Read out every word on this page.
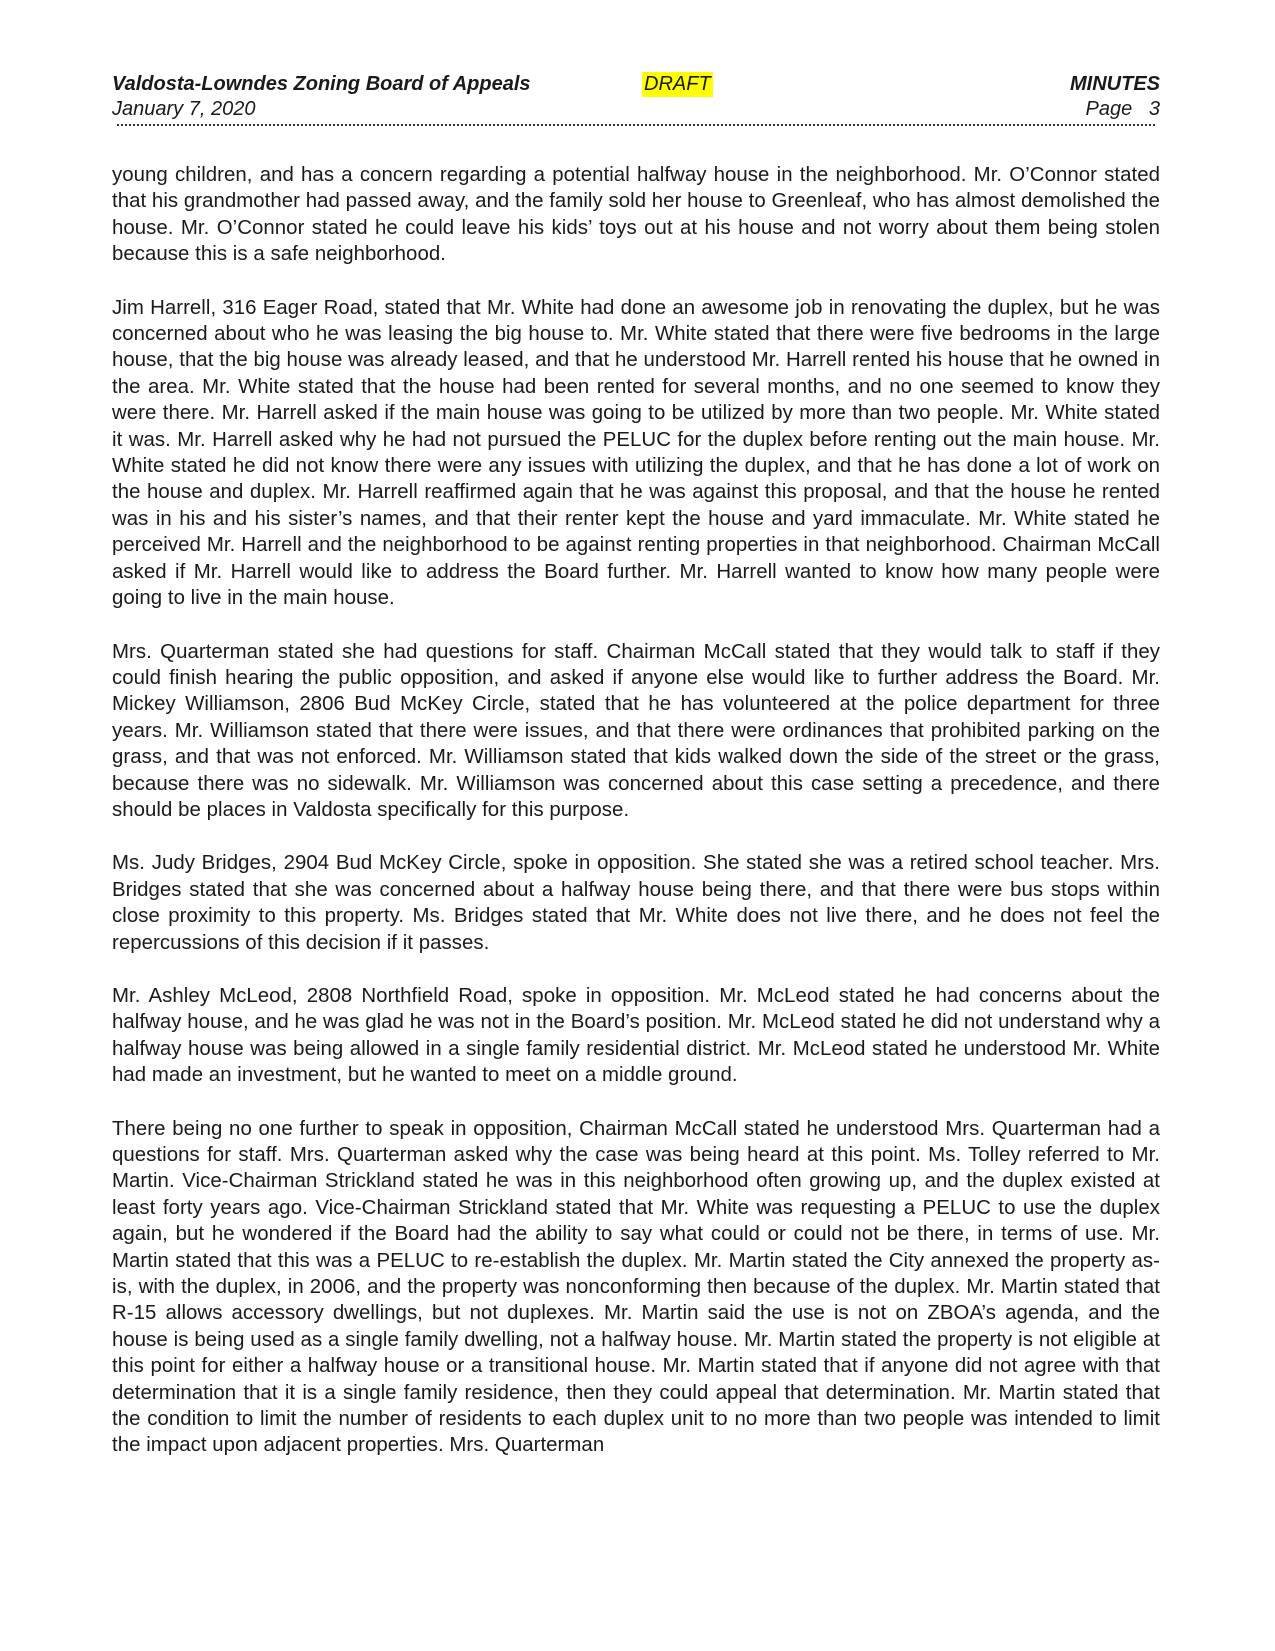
Valdosta-Lowndes Zoning Board of Appeals
January 7, 2020
DRAFT	MINUTES
Page   3

young children, and has a concern regarding a potential halfway house in the neighborhood. Mr. O’Connor stated that his grandmother had passed away, and the family sold her house to Greenleaf, who has almost demolished the house. Mr. O’Connor stated he could leave his kids’ toys out at his house and not worry about them being stolen because this is a safe neighborhood.

Jim Harrell, 316 Eager Road, stated that Mr. White had done an awesome job in renovating the duplex, but he was concerned about who he was leasing the big house to. Mr. White stated that there were five bedrooms in the large house, that the big house was already leased, and that he understood Mr. Harrell rented his house that he owned in the area. Mr. White stated that the house had been rented for several months, and no one seemed to know they were there. Mr. Harrell asked if the main house was going to be utilized by more than two people. Mr. White stated it was. Mr. Harrell asked why he had not pursued the PELUC for the duplex before renting out the main house. Mr. White stated he did not know there were any issues with utilizing the duplex, and that he has done a lot of work on the house and duplex. Mr. Harrell reaffirmed again that he was against this proposal, and that the house he rented was in his and his sister’s names, and that their renter kept the house and yard immaculate. Mr. White stated he perceived Mr. Harrell and the neighborhood to be against renting properties in that neighborhood. Chairman McCall asked if Mr. Harrell would like to address the Board further. Mr. Harrell wanted to know how many people were going to live in the main house.

Mrs. Quarterman stated she had questions for staff. Chairman McCall stated that they would talk to staff if they could finish hearing the public opposition, and asked if anyone else would like to further address the Board. Mr. Mickey Williamson, 2806 Bud McKey Circle, stated that he has volunteered at the police department for three years. Mr. Williamson stated that there were issues, and that there were ordinances that prohibited parking on the grass, and that was not enforced. Mr. Williamson stated that kids walked down the side of the street or the grass, because there was no sidewalk. Mr. Williamson was concerned about this case setting a precedence, and there should be places in Valdosta specifically for this purpose.

Ms. Judy Bridges, 2904 Bud McKey Circle, spoke in opposition. She stated she was a retired school teacher. Mrs. Bridges stated that she was concerned about a halfway house being there, and that there were bus stops within close proximity to this property. Ms. Bridges stated that Mr. White does not live there, and he does not feel the repercussions of this decision if it passes.

Mr. Ashley McLeod, 2808 Northfield Road, spoke in opposition. Mr. McLeod stated he had concerns about the halfway house, and he was glad he was not in the Board’s position. Mr. McLeod stated he did not understand why a halfway house was being allowed in a single family residential district. Mr. McLeod stated he understood Mr. White had made an investment, but he wanted to meet on a middle ground.

There being no one further to speak in opposition, Chairman McCall stated he understood Mrs. Quarterman had a questions for staff. Mrs. Quarterman asked why the case was being heard at this point. Ms. Tolley referred to Mr. Martin. Vice-Chairman Strickland stated he was in this neighborhood often growing up, and the duplex existed at least forty years ago. Vice-Chairman Strickland stated that Mr. White was requesting a PELUC to use the duplex again, but he wondered if the Board had the ability to say what could or could not be there, in terms of use. Mr. Martin stated that this was a PELUC to re-establish the duplex. Mr. Martin stated the City annexed the property as-is, with the duplex, in 2006, and the property was nonconforming then because of the duplex. Mr. Martin stated that R-15 allows accessory dwellings, but not duplexes. Mr. Martin said the use is not on ZBOA’s agenda, and the house is being used as a single family dwelling, not a halfway house. Mr. Martin stated the property is not eligible at this point for either a halfway house or a transitional house. Mr. Martin stated that if anyone did not agree with that determination that it is a single family residence, then they could appeal that determination. Mr. Martin stated that the condition to limit the number of residents to each duplex unit to no more than two people was intended to limit the impact upon adjacent properties. Mrs. Quarterman
